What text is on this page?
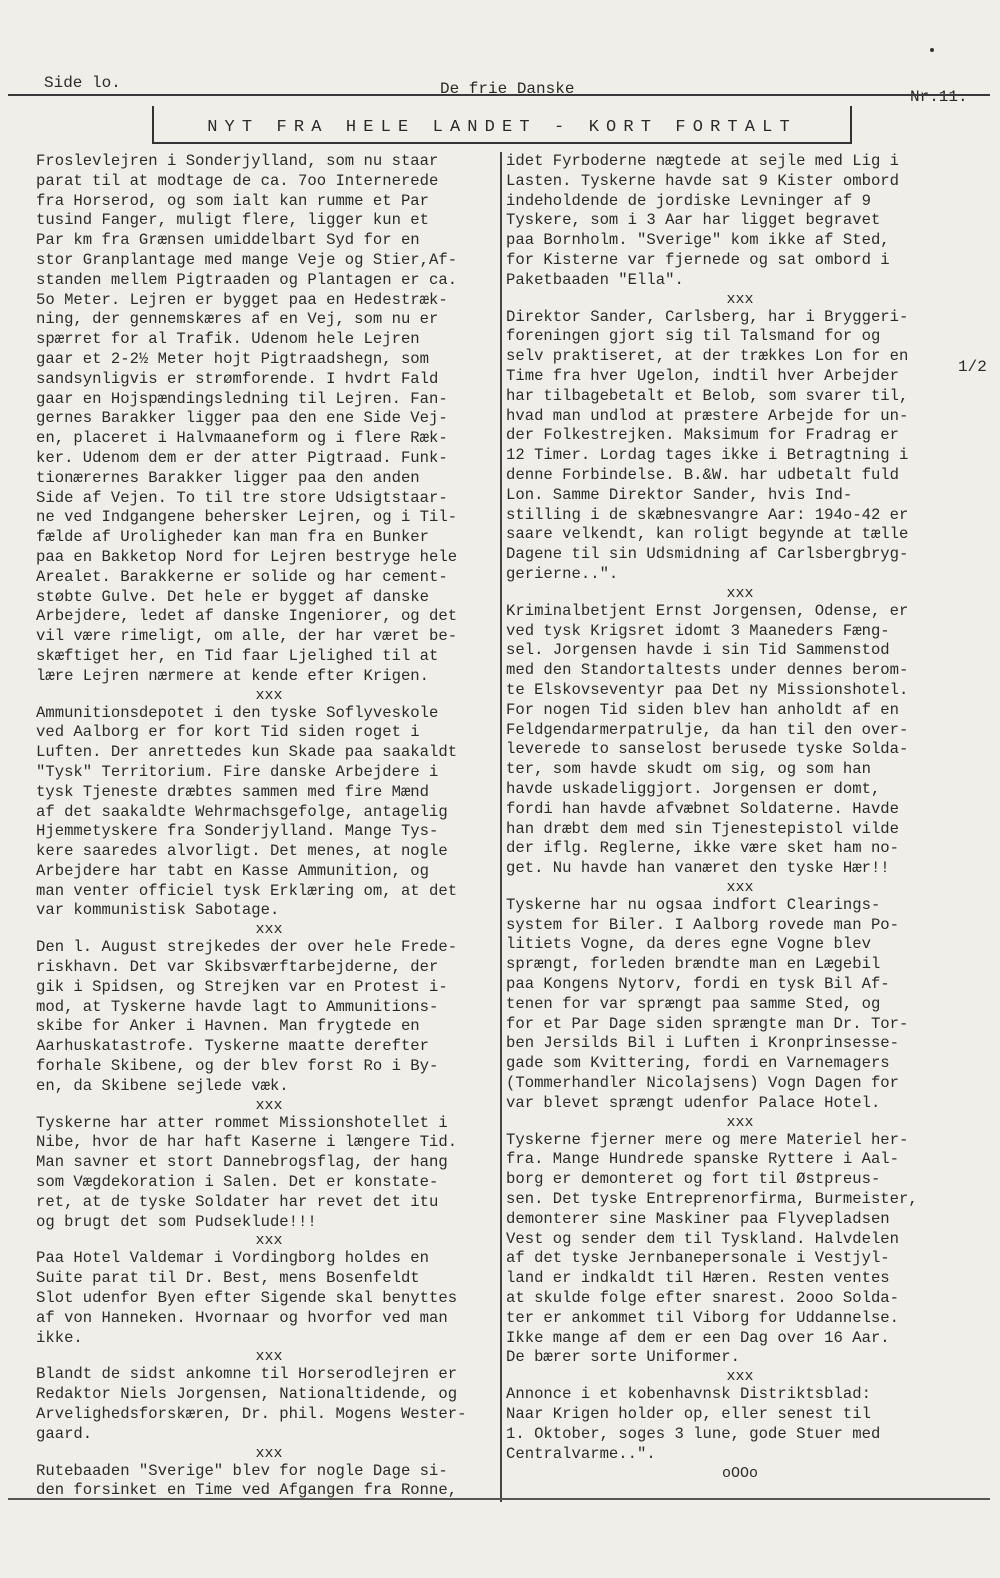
Side lo.	De frie Danske	Nr.11.
NYT FRA HELE LANDET - KORT FORTALT

Froslevlejren i Sonderjylland, som nu staar
parat til at modtage de ca. 7oo Internerede
fra Horserod, og som ialt kan rumme et Par
tusind Fanger, muligt flere, ligger kun et
Par km fra Grænsen umiddelbart Syd for en
stor Granplantage med mange Veje og Stier,Af-
standen mellem Pigtraaden og Plantagen er ca.
5o Meter. Lejren er bygget paa en Hedestræk-
ning, der gennemskæres af en Vej, som nu er
spærret for al Trafik. Udenom hele Lejren
gaar et 2-2½ Meter hojt Pigtraadshegn, som
sandsynligvis er strømforende. I hvdrt Fald
gaar en Hojspændingsledning til Lejren. Fan-
gernes Barakker ligger paa den ene Side Vej-
en, placeret i Halvmaaneform og i flere Ræk-
ker. Udenom dem er der atter Pigtraad. Funk-
tionærernes Barakker ligger paa den anden
Side af Vejen. To til tre store Udsigtstaar-
ne ved Indgangene behersker Lejren, og i Til-
fælde af Uroligheder kan man fra en Bunker
paa en Bakketop Nord for Lejren bestryge hele
Arealet. Barakkerne er solide og har cement-
støbte Gulve. Det hele er bygget af danske
Arbejdere, ledet af danske Ingeniorer, og det
vil være rimeligt, om alle, der har været be-
skæftiget her, en Tid faar Ljelighed til at
lære Lejren nærmere at kende efter Krigen.

xxx

Ammunitionsdepotet i den tyske Soflyveskole
ved Aalborg er for kort Tid siden roget i
Luften. Der anrettedes kun Skade paa saakaldt
"Tysk" Territorium. Fire danske Arbejdere i
tysk Tjeneste dræbtes sammen med fire Mænd
af det saakaldte Wehrmachsgefolge, antagelig
Hjemmetyskere fra Sonderjylland. Mange Tys-
kere saaredes alvorligt. Det menes, at nogle
Arbejdere har tabt en Kasse Ammunition, og
man venter officiel tysk Erklæring om, at det
var kommunistisk Sabotage.

xxx

Den l. August strejkedes der over hele Frede-
riskhavn. Det var Skibsværftarbejderne, der
gik i Spidsen, og Strejken var en Protest i-
mod, at Tyskerne havde lagt to Ammunitions-
skibe for Anker i Havnen. Man frygtede en
Aarhuskatastrofe. Tyskerne maatte derefter
forhale Skibene, og der blev forst Ro i By-
en, da Skibene sejlede væk.

xxx

Tyskerne har atter rommet Missionshotellet i
Nibe, hvor de har haft Kaserne i længere Tid.
Man savner et stort Dannebrogsflag, der hang
som Vægdekoration i Salen. Det er konstate-
ret, at de tyske Soldater har revet det itu
og brugt det som Pudseklude!!!

xxx

Paa Hotel Valdemar i Vordingborg holdes en
Suite parat til Dr. Best, mens Bosenfeldt
Slot udenfor Byen efter Sigende skal benyttes
af von Hanneken. Hvornaar og hvorfor ved man
ikke.

xxx

Blandt de sidst ankomne til Horserodlejren er
Redaktor Niels Jorgensen, Nationaltidende, og
Arvelighedsforskæren, Dr. phil. Mogens Wester-
gaard.

xxx

Rutebaaden "Sverige" blev for nogle Dage si-
den forsinket en Time ved Afgangen fra Ronne,

idet Fyrboderne nægtede at sejle med Lig i
Lasten. Tyskerne havde sat 9 Kister ombord
indeholdende de jordiske Levninger af 9
Tyskere, som i 3 Aar har ligget begravet
paa Bornholm. "Sverige" kom ikke af Sted,
for Kisterne var fjernede og sat ombord i
Paketbaaden "Ella".

xxx

Direktor Sander, Carlsberg, har i Bryggeri-
foreningen gjort sig til Talsmand for og
selv praktiseret, at der trækkes Lon for en
Time fra hver Ugelon, indtil hver Arbejder
har tilbagebetalt et Belob, som svarer til,
hvad man undlod at præstere Arbejde for un-
der Folkestrejken. Maksimum for Fradrag er
12 Timer. Lordag tages ikke i Betragtning i
denne Forbindelse. B.&W. har udbetalt fuld
Lon. Samme Direktor Sander, hvis Ind-
stilling i de skæbnesvangre Aar: 194o-42 er
saare velkendt, kan roligt begynde at tælle
Dagene til sin Udsmidning af Carlsbergbryg-
gerierne..".

xxx

Kriminalbetjent Ernst Jorgensen, Odense, er
ved tysk Krigsret idomt 3 Maaneders Fæng-
sel. Jorgensen havde i sin Tid Sammenstod
med den Standortaltests under dennes berom-
te Elskovseventyr paa Det ny Missionshotel.
For nogen Tid siden blev han anholdt af en
Feldgendarmerpatrulje, da han til den over-
leverede to sanselost berusede tyske Solda-
ter, som havde skudt om sig, og som han
havde uskadeliggjort. Jorgensen er domt,
fordi han havde afvæbnet Soldaterne. Havde
han dræbt dem med sin Tjenestepistol vilde
der iflg. Reglerne, ikke være sket ham no-
get. Nu havde han vanæret den tyske Hær!!

xxx

Tyskerne har nu ogsaa indfort Clearings-
system for Biler. I Aalborg rovede man Po-
litiets Vogne, da deres egne Vogne blev
sprængt, forleden brændte man en Lægebil
paa Kongens Nytorv, fordi en tysk Bil Af-
tenen for var sprængt paa samme Sted, og
for et Par Dage siden sprængte man Dr. Tor-
ben Jersilds Bil i Luften i Kronprinsesse-
gade som Kvittering, fordi en Varnemagers
(Tommerhandler Nicolajsens) Vogn Dagen for
var blevet sprængt udenfor Palace Hotel.

xxx

Tyskerne fjerner mere og mere Materiel her-
fra. Mange Hundrede spanske Ryttere i Aal-
borg er demonteret og fort til Østpreus-
sen. Det tyske Entreprenorfirma, Burmeister,
demonterer sine Maskiner paa Flyvepladsen
Vest og sender dem til Tyskland. Halvdelen
af det tyske Jernbanepersonale i Vestjyl-
land er indkaldt til Hæren. Resten ventes
at skulde folge efter snarest. 2ooo Solda-
ter er ankommet til Viborg for Uddannelse.
Ikke mange af dem er een Dag over 16 Aar.
De bærer sorte Uniformer.

xxx

Annonce i et kobenhavnsk Distriktsblad:
Naar Krigen holder op, eller senest til
1. Oktober, soges 3 lune, gode Stuer med
Centralvarme..".

oOOo

1/2
